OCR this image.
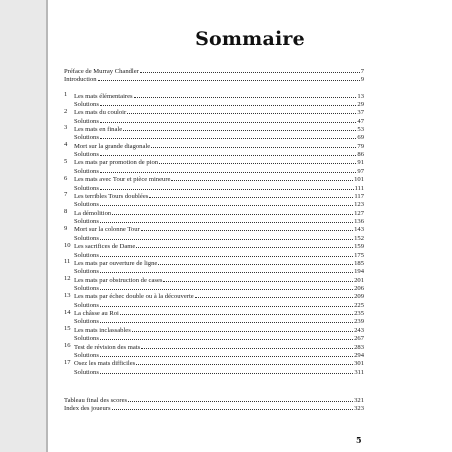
Sommaire
Préface de Murray Chandler	7
Introduction	9
1	Les mats élémentaires	13
Solutions	29
2	Les mats du couloir	37
Solutions	47
3	Les mats en finale	53
Solutions	69
4	Mort sur la grande diagonale	79
Solutions	86
5	Les mats par promotion de pion	91
Solutions	97
6	Les mats avec Tour et pièce mineure	101
Solutions	111
7	Les terribles Tours doublées	117
Solutions	123
8	La démolition	127
Solutions	136
9	Mort sur la colonne Tour	143
Solutions	152
10 Les sacrifices de Dame	159
Solutions	175
11 Les mats par ouverture de ligne	185
Solutions	194
12 Les mats par obstruction de cases	201
Solutions	206
13 Les mats par échec double ou à la découverte	209
Solutions	225
14 La châsse au Roi	235
Solutions	239
15 Les mats inclassables	243
Solutions	267
16 Test de révision des mats	283
Solutions	294
17 Osez les mats difficiles	301
Solutions	311
Tableau final des scores	321
Index des joueurs	323
5
